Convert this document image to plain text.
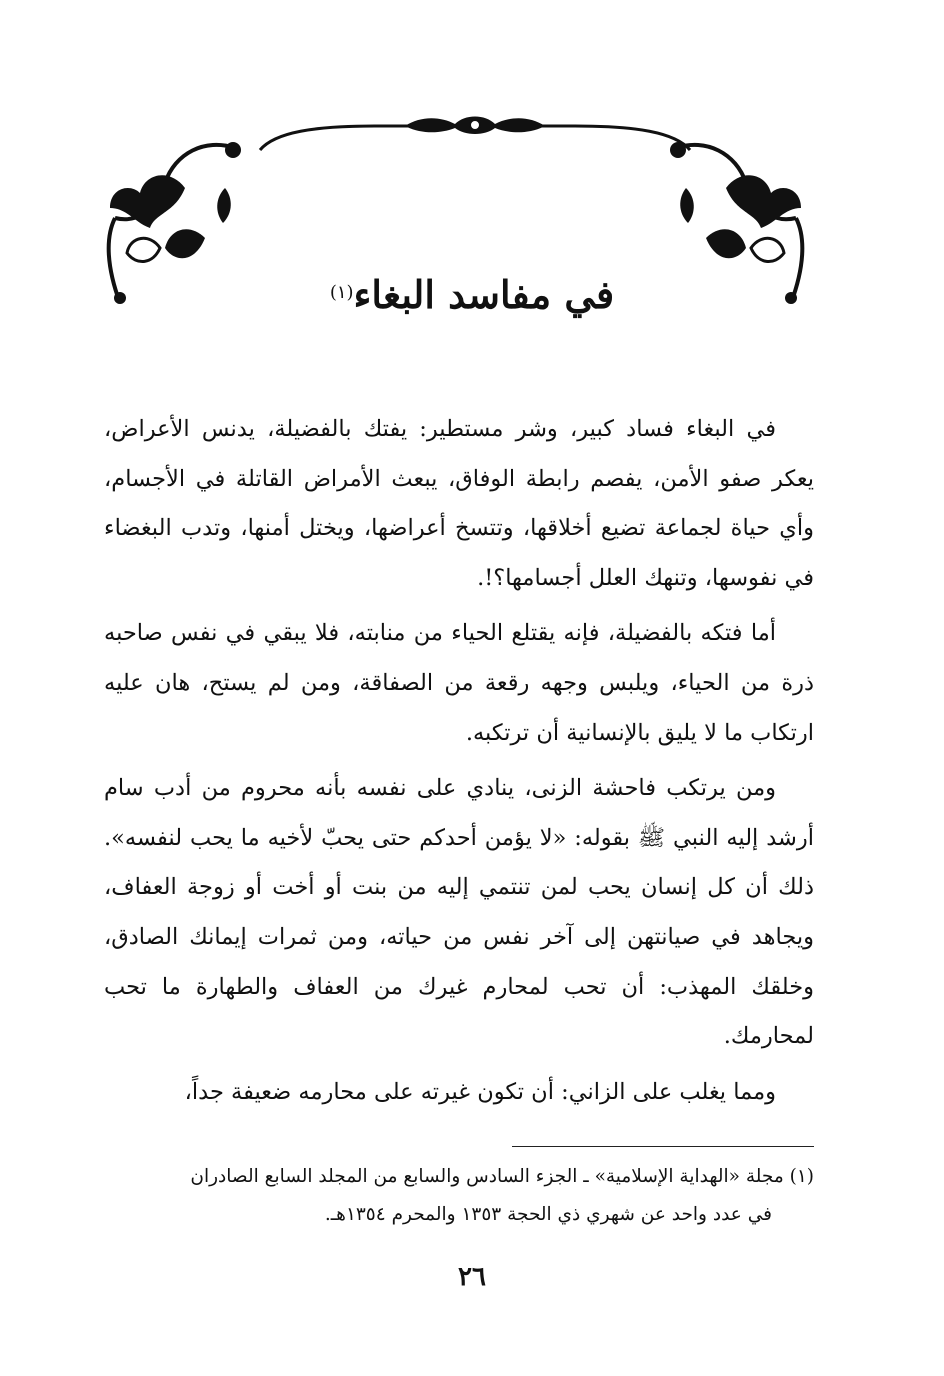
في مفاسد البغاء$^{(١)}$

في البغاء فساد كبير، وشر مستطير: يفتك بالفضيلة، يدنس الأعراض، يعكر صفو الأمن، يفصم رابطة الوفاق، يبعث الأمراض القاتلة في الأجسام، وأي حياة لجماعة تضيع أخلاقها، وتتسخ أعراضها، ويختل أمنها، وتدب البغضاء في نفوسها، وتنهك العلل أجسامها؟!.

أما فتكه بالفضيلة، فإنه يقتلع الحياء من منابته، فلا يبقي في نفس صاحبه ذرة من الحياء، ويلبس وجهه رقعة من الصفاقة، ومن لم يستح، هان عليه ارتكاب ما لا يليق بالإنسانية أن ترتكبه.

ومن يرتكب فاحشة الزنى، ينادي على نفسه بأنه محروم من أدب سام أرشد إليه النبي ﷺ بقوله: «لا يؤمن أحدكم حتى يحبّ لأخيه ما يحب لنفسه». ذلك أن كل إنسان يحب لمن تنتمي إليه من بنت أو أخت أو زوجة العفاف، ويجاهد في صيانتهن إلى آخر نفس من حياته، ومن ثمرات إيمانك الصادق، وخلقك المهذب: أن تحب لمحارم غيرك من العفاف والطهارة ما تحب لمحارمك.

ومما يغلب على الزاني: أن تكون غيرته على محارمه ضعيفة جداً،

(١) مجلة «الهداية الإسلامية» ـ الجزء السادس والسابع من المجلد السابع الصادران
في عدد واحد عن شهري ذي الحجة ١٣٥٣ والمحرم ١٣٥٤هـ.
٢٦
